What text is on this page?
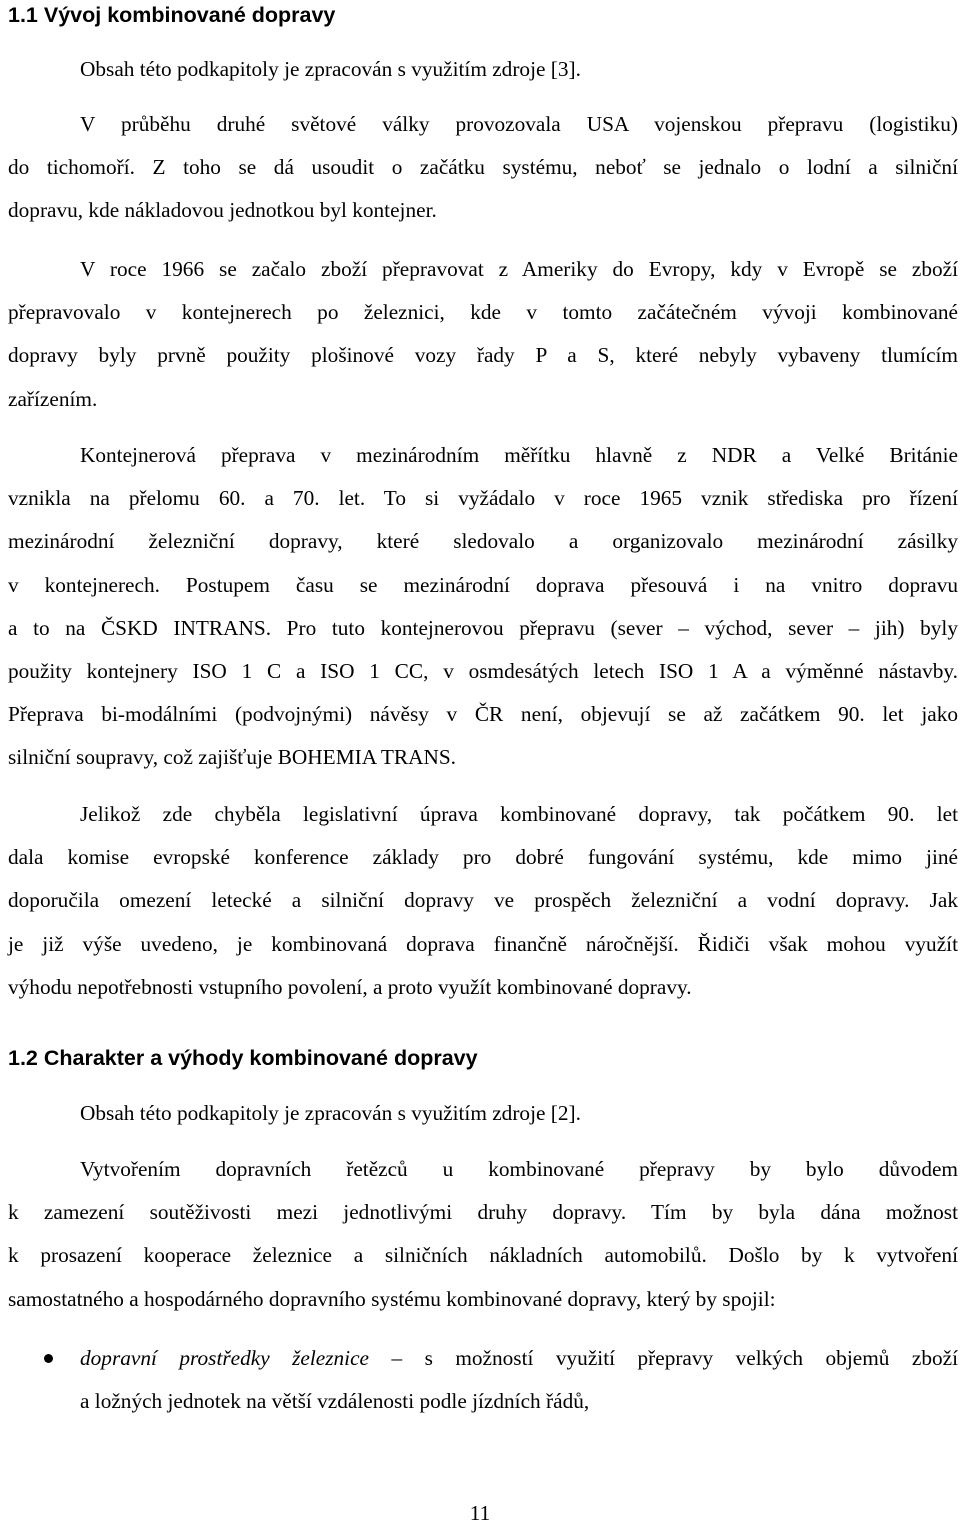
1.1 Vývoj kombinované dopravy

Obsah této podkapitoly je zpracován s využitím zdroje [3].

V průběhu druhé světové války provozovala USA vojenskou přepravu (logistiku)
do tichomoří. Z toho se dá usoudit o začátku systému, neboť se jednalo o lodní a silniční
dopravu, kde nákladovou jednotkou byl kontejner.

V roce 1966 se začalo zboží přepravovat z Ameriky do Evropy, kdy v Evropě se zboží
přepravovalo v kontejnerech po železnici, kde v tomto začátečném vývoji kombinované
dopravy byly prvně použity plošinové vozy řady P a S, které nebyly vybaveny tlumícím
zařízením.

Kontejnerová přeprava v mezinárodním měřítku hlavně z NDR a Velké Británie
vznikla na přelomu 60. a 70. let. To si vyžádalo v roce 1965 vznik střediska pro řízení
mezinárodní železniční dopravy, které sledovalo a organizovalo mezinárodní zásilky
v kontejnerech. Postupem času se mezinárodní doprava přesouvá i na vnitro dopravu
a to na ČSKD INTRANS. Pro tuto kontejnerovou přepravu (sever – východ, sever – jih) byly
použity kontejnery ISO 1 C a ISO 1 CC, v osmdesátých letech ISO 1 A a výměnné nástavby.
Přeprava bi-modálními (podvojnými) návěsy v ČR není, objevují se až začátkem 90. let jako
silniční soupravy, což zajišťuje BOHEMIA TRANS.

Jelikož zde chyběla legislativní úprava kombinované dopravy, tak počátkem 90. let
dala komise evropské konference základy pro dobré fungování systému, kde mimo jiné
doporučila omezení letecké a silniční dopravy ve prospěch železniční a vodní dopravy. Jak
je již výše uvedeno, je kombinovaná doprava finančně náročnější. Řidiči však mohou využít
výhodu nepotřebnosti vstupního povolení, a proto využít kombinované dopravy.

1.2 Charakter a výhody kombinované dopravy

Obsah této podkapitoly je zpracován s využitím zdroje [2].

Vytvořením dopravních řetězců u kombinované přepravy by bylo důvodem
k zamezení soutěživosti mezi jednotlivými druhy dopravy. Tím by byla dána možnost
k prosazení kooperace železnice a silničních nákladních automobilů. Došlo by k vytvoření
samostatného a hospodárného dopravního systému kombinované dopravy, který by spojil:

dopravní prostředky železnice – s možností využití přepravy velkých objemů zboží
a ložných jednotek na větší vzdálenosti podle jízdních řádů,
11
